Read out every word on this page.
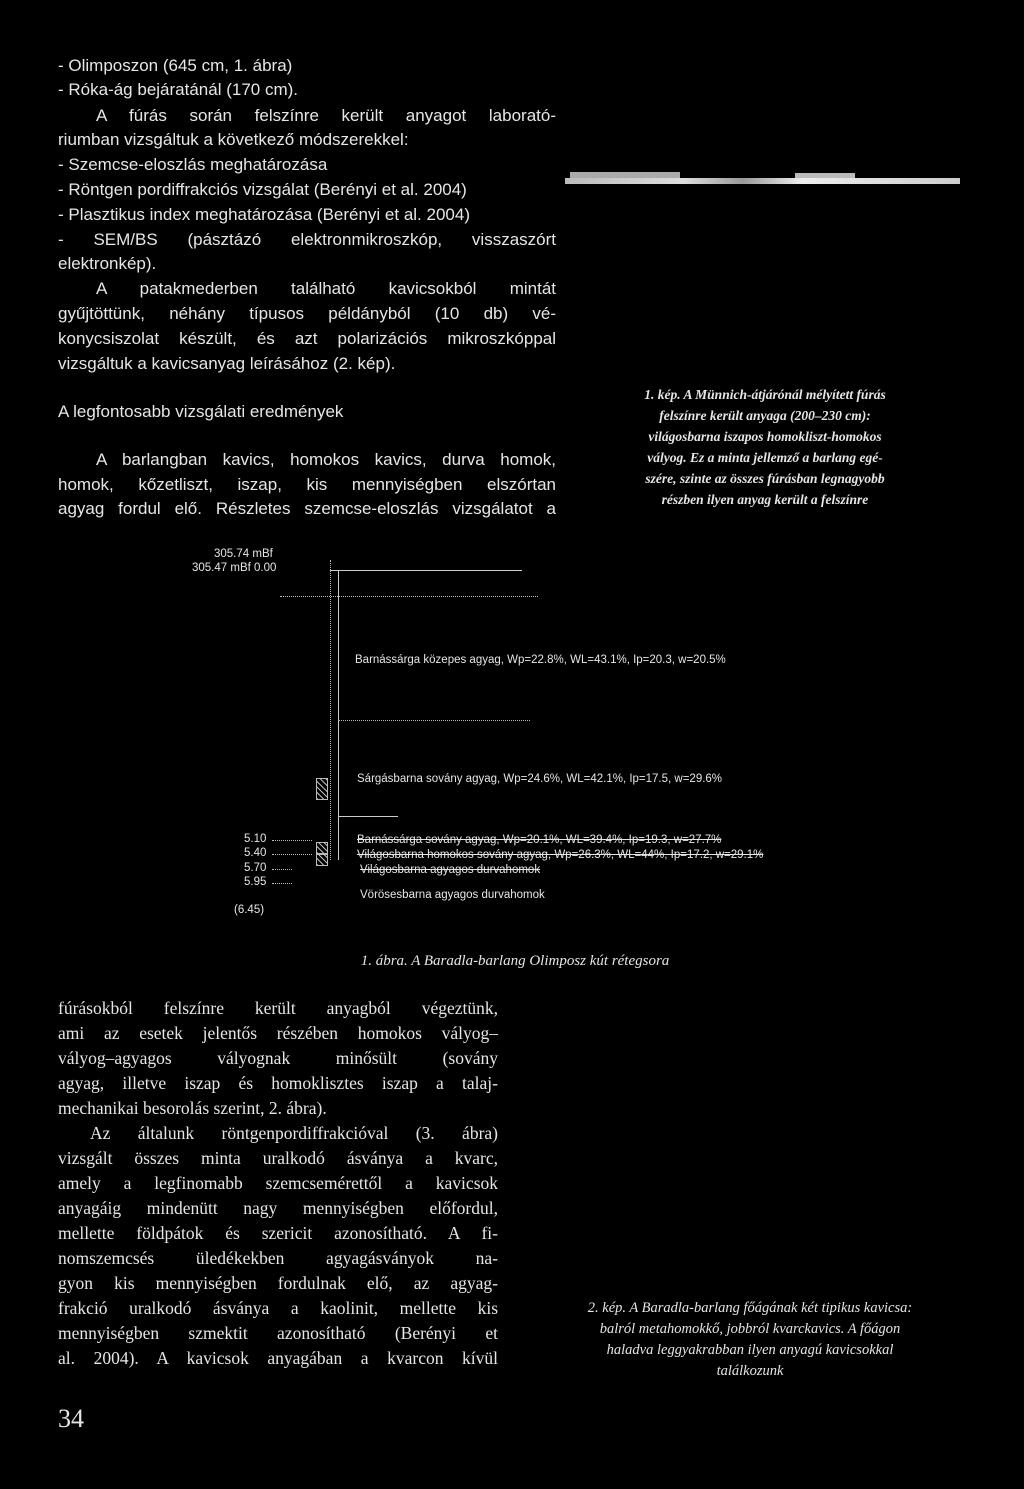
- Olimposzon (645 cm, 1. ábra)
- Róka-ág bejáratánál (170 cm).
A fúrás során felszínre került anyagot laborató-
riumban vizsgáltuk a következő módszerekkel:
- Szemcse-eloszlás meghatározása
- Röntgen pordiffrakciós vizsgálat (Berényi et al. 2004)
- Plasztikus index meghatározása (Berényi et al. 2004)
- SEM/BS (pásztázó elektronmikroszkóp, visszaszórt
elektronkép).
A patakmederben található kavicsokból mintát
gyűjtöttünk, néhány típusos példányból (10 db) vé-
konycsiszolat készült, és azt polarizációs mikroszkóppal
vizsgáltuk a kavicsanyag leírásához (2. kép).
A legfontosabb vizsgálati eredmények
A barlangban kavics, homokos kavics, durva homok,
homok, kőzetliszt, iszap, kis mennyiségben elszórtan
agyag fordul elő. Részletes szemcse-eloszlás vizsgálatot a
1. kép. A Münnich-átjárónál mélyített fúrás
felszínre került anyaga (200–230 cm):
világosbarna iszapos homokliszt-homokos
vályog. Ez a minta jellemző a barlang egé-
szére, szinte az összes fúrásban legnagyobb
részben ilyen anyag került a felszínre
305.74 mBf
305.47 mBf 0.00
Barnássárga közepes agyag, Wp=22.8%, WL=43.1%, Ip=20.3, w=20.5%
Sárgásbarna sovány agyag, Wp=24.6%, WL=42.1%, Ip=17.5, w=29.6%
Barnássárga sovány agyag, Wp=20.1%, WL=39.4%, Ip=19.3, w=27.7%
Világosbarna homokos sovány agyag, Wp=26.3%, WL=44%, Ip=17.2, w=29.1%
Világosbarna agyagos durvahomok
Vörösesbarna agyagos durvahomok
5.10
5.40
5.70
5.95
(6.45)
1. ábra. A Baradla-barlang Olimposz kút rétegsora
fúrásokból felszínre került anyagból végeztünk,
ami az esetek jelentős részében homokos vályog–
vályog–agyagos vályognak minősült (sovány
agyag, illetve iszap és homoklisztes iszap a talaj-
mechanikai besorolás szerint, 2. ábra).
Az általunk röntgenpordiffrakcióval (3. ábra)
vizsgált összes minta uralkodó ásványa a kvarc,
amely a legfinomabb szemcsemérettől a kavicsok
anyagáig mindenütt nagy mennyiségben előfordul,
mellette földpátok és szericit azonosítható. A fi-
nomszemcsés üledékekben agyagásványok na-
gyon kis mennyiségben fordulnak elő, az agyag-
frakció uralkodó ásványa a kaolinit, mellette kis
mennyiségben szmektit azonosítható (Berényi et
al. 2004). A kavicsok anyagában a kvarcon kívül
2. kép. A Baradla-barlang főágának két tipikus kavicsa:
balról metahomokkő, jobbról kvarckavics. A főágon
haladva leggyakrabban ilyen anyagú kavicsokkal
találkozunk
34
